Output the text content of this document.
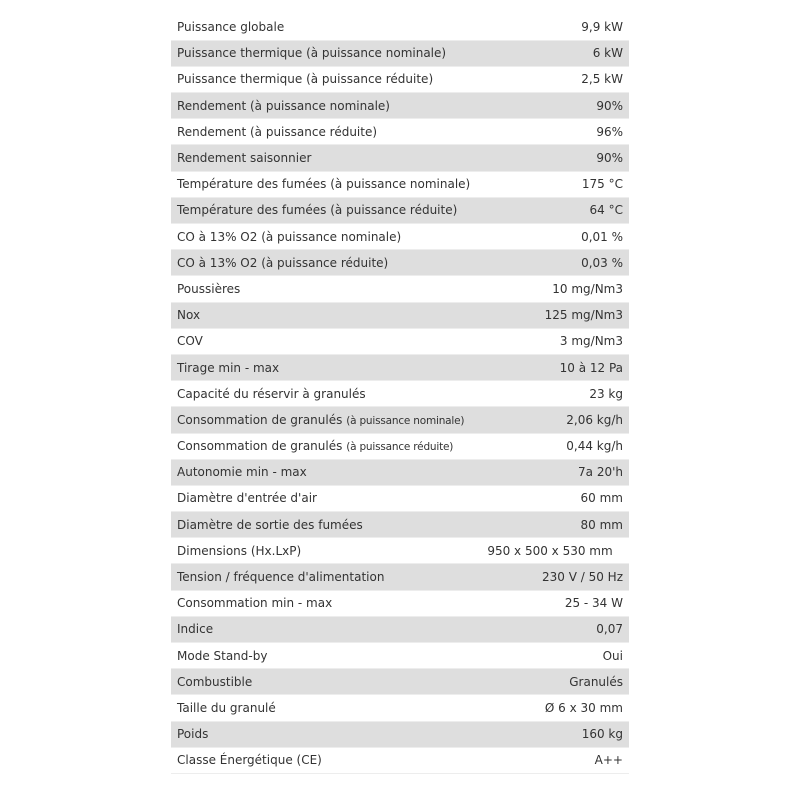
Puissance globale	9,9 kW
Puissance thermique (à puissance nominale)	6 kW
Puissance thermique (à puissance réduite)	2,5 kW
Rendement (à puissance nominale)	90%
Rendement (à puissance réduite)	96%
Rendement saisonnier	90%
Température des fumées (à puissance nominale)	175 °C
Température des fumées (à puissance réduite)	64 °C
CO à 13% O2 (à puissance nominale)	0,01 %
CO à 13% O2 (à puissance réduite)	0,03 %
Poussières	10 mg/Nm3
Nox	125 mg/Nm3
COV	3 mg/Nm3
Tirage min - max	10 à 12 Pa
Capacité du réservir à granulés	23 kg
Consommation de granulés (à puissance nominale)	2,06 kg/h
Consommation de granulés (à puissance réduite)	0,44 kg/h
Autonomie min - max	7a 20'h
Diamètre d'entrée d'air	60 mm
Diamètre de sortie des fumées	80 mm
Dimensions (Hx.LxP)	950 x 500 x 530 mm
Tension / fréquence d'alimentation	230 V / 50 Hz
Consommation min - max	25 - 34 W
Indice	0,07
Mode Stand-by	Oui
Combustible	Granulés
Taille du granulé	Ø 6 x 30 mm
Poids	160 kg
Classe Énergétique (CE)	A++
